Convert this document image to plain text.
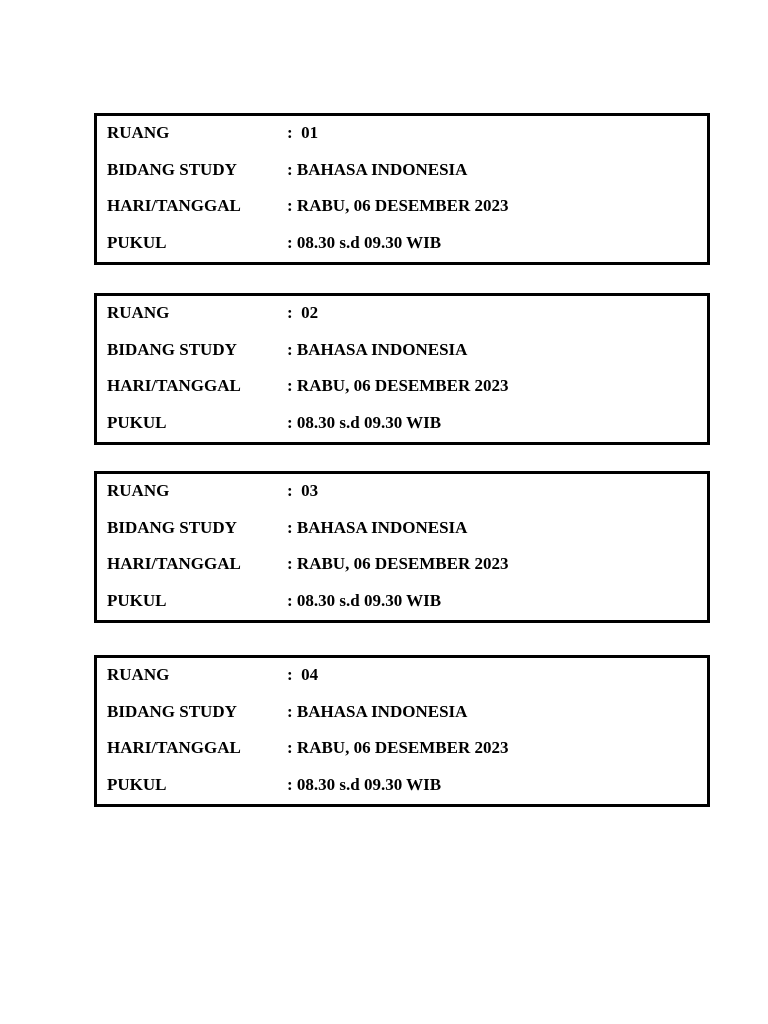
RUANG	:  01
BIDANG STUDY	: BAHASA INDONESIA
HARI/TANGGAL	: RABU, 06 DESEMBER 2023
PUKUL	: 08.30 s.d 09.30 WIB
RUANG	:  02
BIDANG STUDY	: BAHASA INDONESIA
HARI/TANGGAL	: RABU, 06 DESEMBER 2023
PUKUL	: 08.30 s.d 09.30 WIB
RUANG	:  03
BIDANG STUDY	: BAHASA INDONESIA
HARI/TANGGAL	: RABU, 06 DESEMBER 2023
PUKUL	: 08.30 s.d 09.30 WIB
RUANG	:  04
BIDANG STUDY	: BAHASA INDONESIA
HARI/TANGGAL	: RABU, 06 DESEMBER 2023
PUKUL	: 08.30 s.d 09.30 WIB
